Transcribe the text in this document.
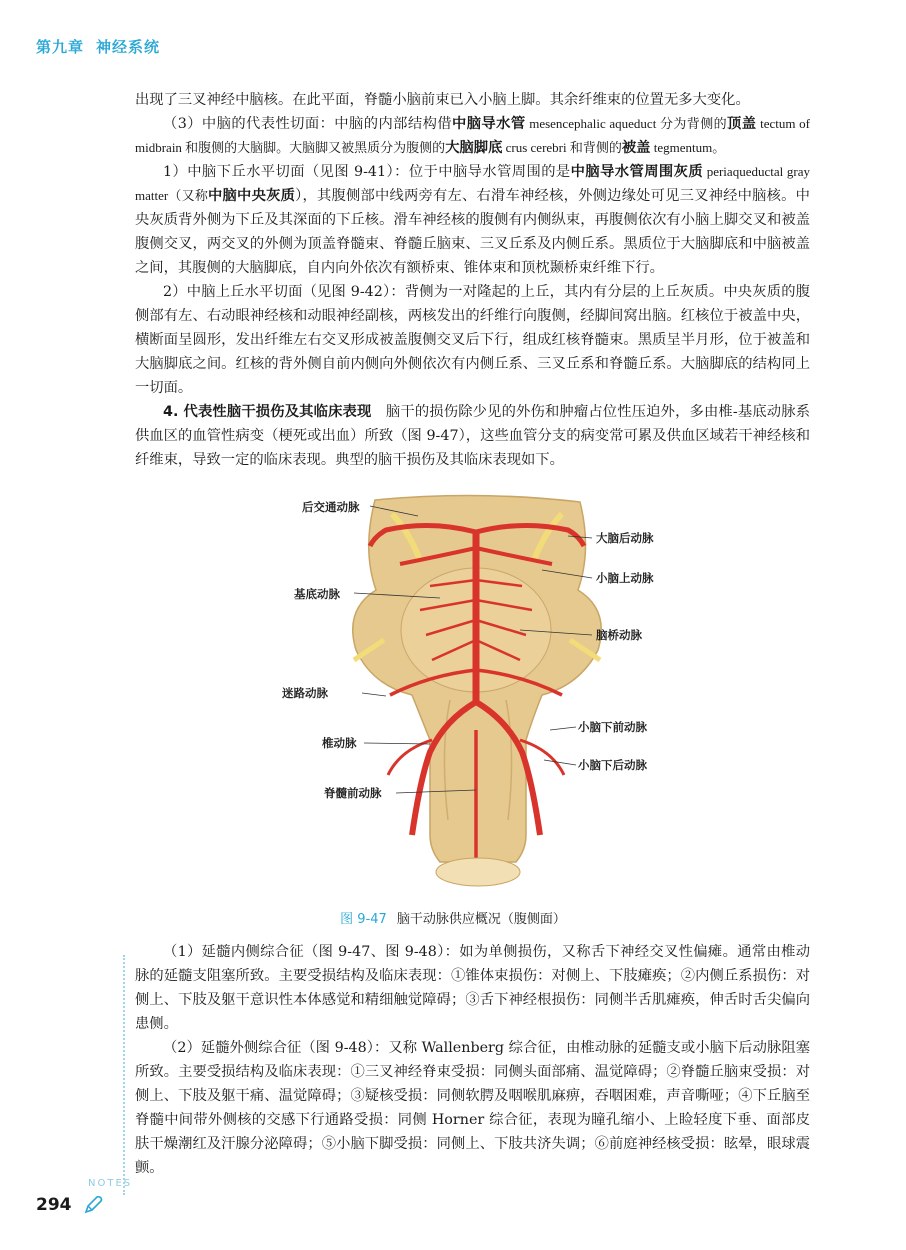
第九章 神经系统

出现了三叉神经中脑核。在此平面，脊髓小脑前束已入小脑上脚。其余纤维束的位置无多大变化。

（3）中脑的代表性切面：中脑的内部结构借中脑导水管 mesencephalic aqueduct 分为背侧的顶盖 tectum of midbrain 和腹侧的大脑脚。大脑脚又被黑质分为腹侧的大脑脚底 crus cerebri 和背侧的被盖 tegmentum。

1）中脑下丘水平切面（见图 9-41）：位于中脑导水管周围的是中脑导水管周围灰质 periaqueductal gray matter（又称中脑中央灰质），其腹侧部中线两旁有左、右滑车神经核，外侧边缘处可见三叉神经中脑核。中央灰质背外侧为下丘及其深面的下丘核。滑车神经核的腹侧有内侧纵束，再腹侧依次有小脑上脚交叉和被盖腹侧交叉，两交叉的外侧为顶盖脊髓束、脊髓丘脑束、三叉丘系及内侧丘系。黑质位于大脑脚底和中脑被盖之间，其腹侧的大脑脚底，自内向外依次有额桥束、锥体束和顶枕颞桥束纤维下行。

2）中脑上丘水平切面（见图 9-42）：背侧为一对隆起的上丘，其内有分层的上丘灰质。中央灰质的腹侧部有左、右动眼神经核和动眼神经副核，两核发出的纤维行向腹侧，经脚间窝出脑。红核位于被盖中央，横断面呈圆形，发出纤维左右交叉形成被盖腹侧交叉后下行，组成红核脊髓束。黑质呈半月形，位于被盖和大脑脚底之间。红核的背外侧自前内侧向外侧依次有内侧丘系、三叉丘系和脊髓丘系。大脑脚底的结构同上一切面。

4. 代表性脑干损伤及其临床表现　脑干的损伤除少见的外伤和肿瘤占位性压迫外，多由椎-基底动脉系供血区的血管性病变（梗死或出血）所致（图 9-47），这些血管分支的病变常可累及供血区域若干神经核和纤维束，导致一定的临床表现。典型的脑干损伤及其临床表现如下。

后交通动脉
基底动脉
迷路动脉
椎动脉
脊髓前动脉
大脑后动脉
小脑上动脉
脑桥动脉
小脑下前动脉
小脑下后动脉
图 9-47 脑干动脉供应概况（腹侧面）

（1）延髓内侧综合征（图 9-47、图 9-48）：如为单侧损伤，又称舌下神经交叉性偏瘫。通常由椎动脉的延髓支阻塞所致。主要受损结构及临床表现：①锥体束损伤：对侧上、下肢瘫痪；②内侧丘系损伤：对侧上、下肢及躯干意识性本体感觉和精细触觉障碍；③舌下神经根损伤：同侧半舌肌瘫痪，伸舌时舌尖偏向患侧。

（2）延髓外侧综合征（图 9-48）：又称 Wallenberg 综合征，由椎动脉的延髓支或小脑下后动脉阻塞所致。主要受损结构及临床表现：①三叉神经脊束受损：同侧头面部痛、温觉障碍；②脊髓丘脑束受损：对侧上、下肢及躯干痛、温觉障碍；③疑核受损：同侧软腭及咽喉肌麻痹，吞咽困难，声音嘶哑；④下丘脑至脊髓中间带外侧核的交感下行通路受损：同侧 Horner 综合征，表现为瞳孔缩小、上睑轻度下垂、面部皮肤干燥潮红及汗腺分泌障碍；⑤小脑下脚受损：同侧上、下肢共济失调；⑥前庭神经核受损：眩晕，眼球震颤。

NOTES
294
